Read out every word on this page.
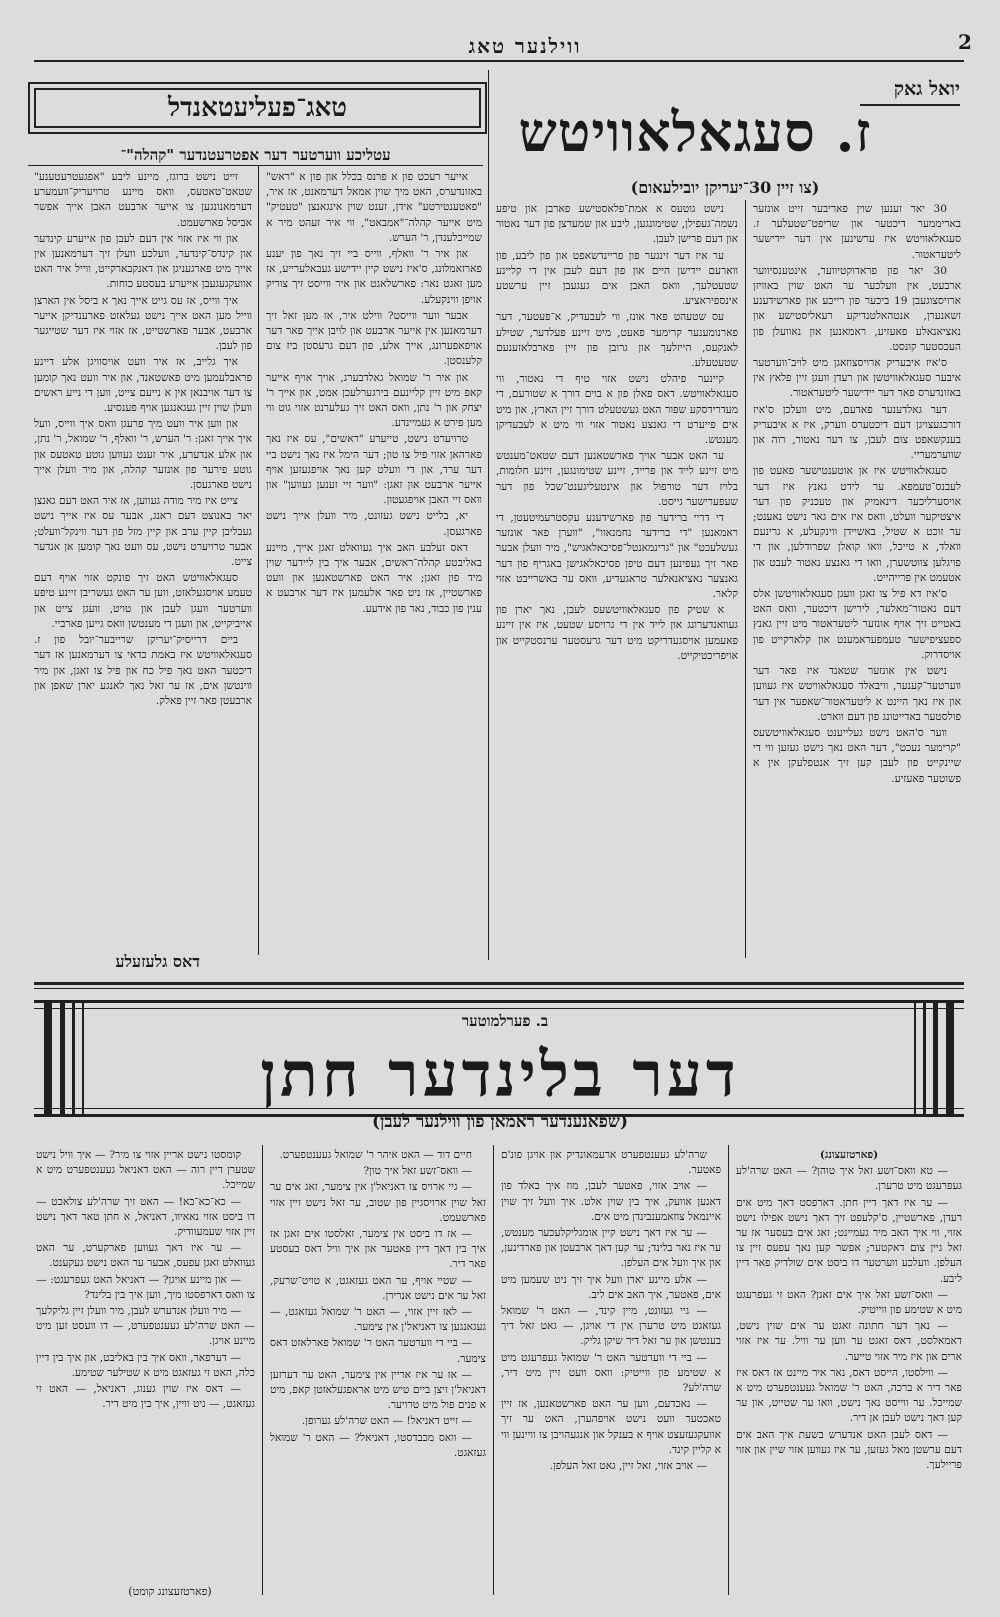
2
ווילנער טאג
יואל גאק
ז. סעגאלאוויטש
(צו זיין 30־יעריקן יובילעאום)

30 יאר זענען שוין פאריבער זייט אונזער באריממער דיכטער און שריפט־שטעלער ז. סעגאלאוויטש איז ערשינען אין דער יידישער ליטעראטור.

30 יאר פון פראדוקטיווער, אינטענסיווער ארבעט, אין וועלכער ער האט שוין באוויזן ארויסצוגעבן 19 ביכער פון רייכע און פארשידענע זשאנערן, אנטהאלטנדיקע רעאליסטישע און נאציאנאלע פאעזיע, ראמאנען און נאוועלן פון העכסטער קונסט.

ס'איז איבעריק ארויסצוזאגן מיט לויב־ווערטער איבער סעגאלאוויטשן און רעדן וועגן זיין פלאץ אין באזונדערס פאר דער יידישער ליטעראטור.

דער גאלדענער פאדעם, מיט וועלכן ס'איז דורכגעצויגן דעם דיכטערס ווערק, איז א איבעריק בענקשאפט צום לעבן, צו דער נאטור, רוה און שווערמעריי.

סעגאלאוויטש איז אן אוטענטישער פאעט פון לעבנס־טעמפא. ער לידט גאנץ איז דער אויסערליכער דינאמיק און טעכניק פון דער איצטיקער וועלט, וואס איז אים גאר נישט נאענט; ער זוכט א שטיל, באשיידן ווינקעלע, א גרינעם וואלד, א טייכל, וואו קואלן שפרודלען, און די פויגלען צווטשערן, וואו די גאנצע נאטור לעבט און אטעמט אין פרייהייט.

ס'איז דא פיל צו זאגן וועגן סעגאלאוויטשן אלס דעם נאטור־מאלער, לירישן דיכטער, וואס האט באטייט זיך אויף אונזער ליטעראטור מיט זיין גאנץ ספעציפישער טעמפעראמענט און קלארקייט פון אויסדרוק.

נישט אין אונזער שטאנד איז פאר דער ווערטער־קענער, וויבאלד סעגאלאוויטש איז געווען און איז נאך היינט א ליטעראטור־שאפער אין דער פולסטער באדייטונג פון דעם ווארט.

ווער ס'האט נישט געלייענט סעגאלאוויטשעס "קרימער נעכט", דער האט נאך נישט געזען ווי די שיינקייט פון לעבן קען זיך אנטפלעקן אין א פשוטער פאעזיע.

נישט גוטעס א אמת־פלאסטישע פארבן און טיפע נשמה־געפילן, שטימונגען, ליבע און שמערצן פון דער נאטור און דעם פרישן לעבן.

ער איז דער זינגער פון פריינדשאפט און פון ליבע, פון ווארעם יידישן היים און פון דעם לעבן אין די קליינע שטעטלעך, וואס האבן אים געגעבן זיין ערשטע אינספיראציע.

עס שטעהט פאר אונז, ווי לעבעדיק, א־פעטער, דער פארנומענער קרימער פאעט, מיט זיינע פעלדער, שטילע לאנקעס, הייזלעך און גרובן פון זיין פארבלאזענעם שטעטעלע.

קיינער פיהלט נישט אזוי טיף די נאטור, ווי סעגאלאוויטש. דאס פאלן פון א בוים דורך א שטורעם, די מעדרידסקע שפור האט געשטעלט דורך זיין הארץ, און מיט אים פייערט די גאנצע נאטור אזוי ווי מיט א לעבעדיקן מענטש.

ער האט אבער אויך פארשטאנען דעם שטאט־מענטש מיט זיינע לייד און פרייד, זיינע שטימונגען, זיינע חלומות, בלויז דער טורפול און אינטעליגענט־שכל פון דער שעפערישער גייסט.

די דריי ברידער פון פארשידענע עקסטרעמיטעטן, די ראמאנען "די ברידער נחמנאוו", "ווערן פאר אונזער געשלעכט" און "גרינמאנטל־פסיכאלאגיש", מיר וועלן אבער פאר זיך געפינען דעם טיפן פסיכאלאגישן באגריף פון דער גאנצער נאציאנאלער טראגעדיע, וואס ער באשרייבט אזוי קלאר.

א שטיק פון סעגאלאוויטשעס לעבן, נאך יארן פון געוואנדערונג און לייד אין די גרויסע שטעט, איז אין זיינע פאעמען אויסגעדריקט מיט דער גרעסטער ערנסטקייט און אויפריכטיקייט.

טאג־פעליעטאנדל
עטליכע ווערטער דער אפטרעטנדער "קהלה"־

אייער רעכט פון א פרנס בכלל און פון א "ראש" באזונדערס, האט מיך שוין אמאל דערמאנט, אז איר, "פאטענטירטע" אידן, זענט שוין אינגאנצן "טעטיק" מיט אייער קהלה־"אמבאט", ווי איר זעהט מיר א שמייכלענדן, ר' הערש.

און איר ר' וואלף, ווייס ביי זיך נאך פון יענע פארזאמלונג, ס'איז נישט קיין יידישע געבאלערייע, אז מען זאגט נאר: פארשלאגט און איר ווייסט זיך צוריק אויפן ווינקעלע.

אבער ווער ווייסט? ווילט איר, אז מען זאל זיך דערמאנען אין אייער ארבעט און לויבן אייך פאר דער אויפאפערונג, אייך אלע, פון דעם גרעסטן ביז צום קלענסטן.

און איר ר' שמואל גאלדבערג, אויך אויף אייער קאפ מיט זיין קליינעם בירגערלעכן אמט, און אייך ר' יצחק און ר' נתן, וואס האט זיך געלערנט אזוי גוט ווי מען פירט א געמיינדע.

טרויערט נישט, טייערע "ראשים", עס איז נאך פארהאן אזוי פיל צו טון; דער הימל איז נאך נישט ביי דער ערד, און די וועלט קען נאך אויפגעזען אויף אייער ארבעט און זאגן: "ווער זיי זענען געווען" און וואס זיי האבן אויפגעטון.

יא, בלייט נישט געזונט, מיר וועלן אייך נישט פארגעסן.

דאס זעלבע האב איך געוואלט זאגן אייך, מיינע באליבטע קהלה־ראשים, אבער איך בין ליידער שוין מיד פון זאגן; איר האט פארשטאנען און וועט פארשטיין, אז ניט פאר אלעמען איז דער ארבעט א ענין פון כבוד, נאר פון אידעע.

זייט נישט ברוגז, מיינע ליבע "אפגעטרעטענע" שטאט־טאטעס, וואס מיינע טרויעריק־וועמערע דערמאנונגען צו אייער ארבעט האבן אייך אפשר אביסל פארשעמט.

און ווי איז אזוי אין דעם לעבן פון אייערע קינדער און קינדס־קינדער, וועלכע וועלן זיך דערמאנען אין אייך מיט פארגעניגן און דאנקבארקייט, ווייל איר האט אוועקגעגעבן אייערע בעסטע כוחות.

איך ווייס, אז עס גייט אייך נאך א ביסל אין הארצן ווייל מען האט אייך נישט געלאזט פארענדיקן אייער ארבעט, אבער פארשטייט, אז אזוי איז דער שטייגער פון לעבן.

איך גלייב, אז איר וועט אויסוויגן אלע דיינע פראבלעמען מיט פאשטאנד, און איר וועט נאך קומען צו דער אויבנאן אין א נייעם צייט, ווען די נייע ראשים וועלן שוין זיין געגאנגען אויף פענסיע.

און ווען איר וועט מיך פרעגן וואס איך ווייס, וועל איך אייך זאגן: ר' הערש, ר' וואלף, ר' שמואל, ר' נתן, און אלע אנדערע, איר זענט געווען גוטע טאטעס און גוטע פירער פון אונזער קהלה, און מיר וועלן אייך נישט פארגעסן.

צייט איז מיר מודה געווען, אז איר האט דעם גאנצן יאר באנוצט דעם ראנג, אבער עס איז אייך נישט געבליבן קיין ערב און קיין מזל פון דער ווינקל־וועלט; אבער טרויערט נישט, עס וועט נאך קומען אן אנדער צייט.

סעגאלאוויטש האט זיך פונקט אזוי אויף דעם טעמע אויסגעלאזט, ווען ער האט געשריבן זיינע טיפע ווערטער וועגן לעבן און טויט, וועגן צייט און אייביקייט, און וועגן די מענטשן וואס גייען פארביי.

ביים דרייסיק־יעריקן שרייבער־יובל פון ז. סעגאלאוויטש איז באמת כדאי צו דערמאנען אז דער דיכטער האט נאך פיל כח און פיל צו זאגן, און מיר ווינטשן אים, אז ער זאל נאך לאנגע יארן שאפן און ארבעטן פאר זיין פאלק.

דאס גלעזעלע
ב. פערלמוטער
דער בלינדער חתן
(שפאנענדער ראמאן פון ווילנער לעבן)

(פארטזעצונג)

— טא וואס־זשע זאל איך טוהן? — האט שרה'לע געפרעגט מיט טרערן.

— ער איז דאך דיין חתן. דארפסט דאך מיט אים רעדן, פארשטיין, ס'קלעפט זיך דאך נישט אפילו נישט אזוי, ווי איך האב מיר געמיינט; זאג אים בעסער אז ער זאל גיין צום דאקטער; אפשר קען נאך עפעס זיין צו העלפן. וועלכע ווערטער דו ביסט אים שולדיק פאר דיין ליבע.

— וואס־זשע זאל איך אים זאגן? האט זי געפרעגט מיט א שטימע פון ווייטיק.

— נאך דער חתונה זאגט ער אים שוין נישט, דאמאלסט, דאס זאגט ער ווען ער וויל. ער איז אזוי ארים און איז מיר אזוי טייער.

— ווילסטו, הייסט דאס, נאר איר מיינט אז דאס איז פאר דיר א ברכה, האט ר' שמואל געענטפערט מיט א שמייכל. ער ווייסט נאך נישט, וואו ער שטייט, און ער קען דאך נישט לעבן אן דיר.

— דאס לעבן האט אנדערש בשעת איך האב אים דעם ערשטן מאל געזען, ער איז געווען אזוי שיין און אזוי פריילעך.

שרה'לע געענטפערט ארעמאונדיק און אויגן פונ'ם פאטער.

— אויב אזוי, פאטער לעבן, מוז איך באלד פון דאנען אוועק, איך בין שוין אלט. איך וועל זיך שוין איינמאל צוזאמענבינדן מיט אים.

— ער איז דאך נישט קיין אומגליקלעכער מענטש, ער איז נאר בלינד; ער קען דאך ארבעטן און פארדינען, און איך וועל אים העלפן.

— אלע מיינע יארן וועל איך זיך ניט שעמען מיט אים, פאטער, איך האב אים ליב.

— גיי געזונט, מיין קינד, — האט ר' שמואל געזאגט מיט טרערן אין די אויגן, — גאט זאל דיך בענטשן און ער זאל דיר שיקן גליק.

— ביי די ווערטער האט ר' שמואל געפרעגט מיט א שטימע פון ווייטיק: וואס וועט זיין מיט דיר, שרה'לע?

— נאכדעם, ווען ער האט פארשטאנען, אז זיין טאכטער וועט נישט אויפהערן, האט ער זיך אוועקגעזעצט אויף א בענקל און אנגעהויבן צו וויינען ווי א קליין קינד.

— אויב אזוי, זאל זיין, גאט זאל העלפן.

חיים דוד — האט איהר ר' שמואל געענטפערט.

— וואס־זשע זאל איך טון?

— גיי ארויס צו דאניאל'ן אין צימער, זאג אים ער זאל שוין ארויסגיין פון שטוב, ער זאל נישט זיין אזוי פארשעמט.

— אז דו ביסט אין צימער, זאלסטו אים זאגן אז איך בין דאך דיין פאטער און איך וויל דאס בעסטע פאר דיר.

— שטיי אויף, ער האט געזאגט, א טויט־שרעק, זאל ער אים נישט אנרירן.

— לאז זיין אזוי, — האט ר' שמואל געזאגט, — געגאנגען צו דאניאל'ן אין צימער.

— ביי די ווערטער האט ר' שמואל פארלאזט דאס צימער.

— אז ער איז אריין אין צימער, האט ער דערזען דאניאל'ן זיצן ביים טיש מיט אראפגעלאזטן קאפ, מיט א פנים פול מיט טרויער.

— זייט דאניאל! — האט שרה'לע גערופן.

— וואס מכבדסטו, דאניאל? — האט ר' שמואל געזאגט.

קומסטו נישט אריין אזוי צו מיר? — איך וויל נישט שטערן דיין רוה — האט דאניאל געענטפערט מיט א שמייכל.

— כא־כא־כא! — האט זיך שרה'לע צולאכט — דו ביסט אזוי נאאיוו, דאניאל, א חתן טאר דאך נישט זיין אזוי שעמעוודיק.

— ער איז דאך געווען פארקערט, ער האט געוואלט זאגן עפעס, אבער ער האט נישט געקענט.

— און מיינע אויגן? — דאניאל האט געפרעגט: — צו וואס דארפסטו מיך, ווען איך בין בלינד?

— מיר וועלן אנדערש לעבן, מיר וועלן זיין גליקלעך — האט שרה'לע געענטפערט, — דו וועסט זען מיט מיינע אויגן.

— דערפאר, וואס איך בין באליבט, און איך בין דיין כלה, האט זי געזאגט מיט א שטילער שטימע.

— דאס איז שוין גענוג, דאניאל, — האט זי געזאגט, — ניט וויין, איך בין מיט דיר.

(פארטזעצונג קומט)
